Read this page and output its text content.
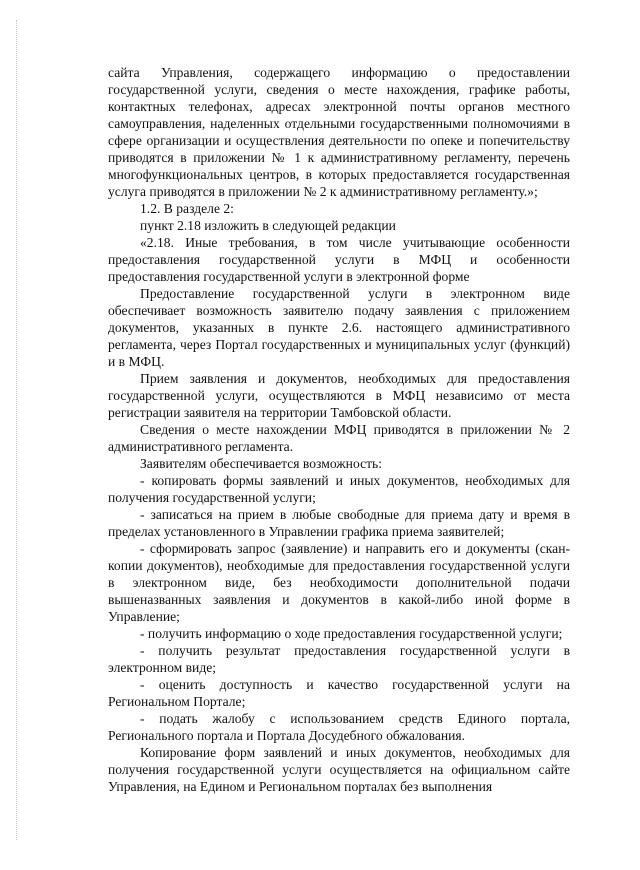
сайта Управления, содержащего информацию о предоставлении государственной услуги, сведения о месте нахождения, графике работы, контактных телефонах, адресах электронной почты органов местного самоуправления, наделенных отдельными государственными полномочиями в сфере организации и осуществления деятельности по опеке и попечительству приводятся в приложении № 1 к административному регламенту, перечень многофункциональных центров, в которых предоставляется государственная услуга приводятся в приложении № 2 к административному регламенту.»;

1.2. В разделе 2:

пункт 2.18 изложить в следующей редакции

«2.18. Иные требования, в том числе учитывающие особенности предоставления государственной услуги в МФЦ и особенности предоставления государственной услуги в электронной форме

Предоставление государственной услуги в электронном виде обеспечивает возможность заявителю подачу заявления с приложением документов, указанных в пункте 2.6. настоящего административного регламента, через Портал государственных и муниципальных услуг (функций) и в МФЦ.

Прием заявления и документов, необходимых для предоставления государственной услуги, осуществляются в МФЦ независимо от места регистрации заявителя на территории Тамбовской области.

Сведения о месте нахождении МФЦ приводятся в приложении № 2 административного регламента.

Заявителям обеспечивается возможность:

- копировать формы заявлений и иных документов, необходимых для получения государственной услуги;

- записаться на прием в любые свободные для приема дату и время в пределах установленного в Управлении графика приема заявителей;

- сформировать запрос (заявление) и направить его и документы (скан-копии документов), необходимые для предоставления государственной услуги в электронном виде, без необходимости дополнительной подачи вышеназванных заявления и документов в какой-либо иной форме в Управление;

- получить информацию о ходе предоставления государственной услуги;

- получить результат предоставления государственной услуги в электронном виде;

- оценить доступность и качество государственной услуги на Региональном Портале;

- подать жалобу с использованием средств Единого портала, Регионального портала и Портала Досудебного обжалования.

Копирование форм заявлений и иных документов, необходимых для получения государственной услуги осуществляется на официальном сайте Управления, на Едином и Региональном порталах без выполнения
